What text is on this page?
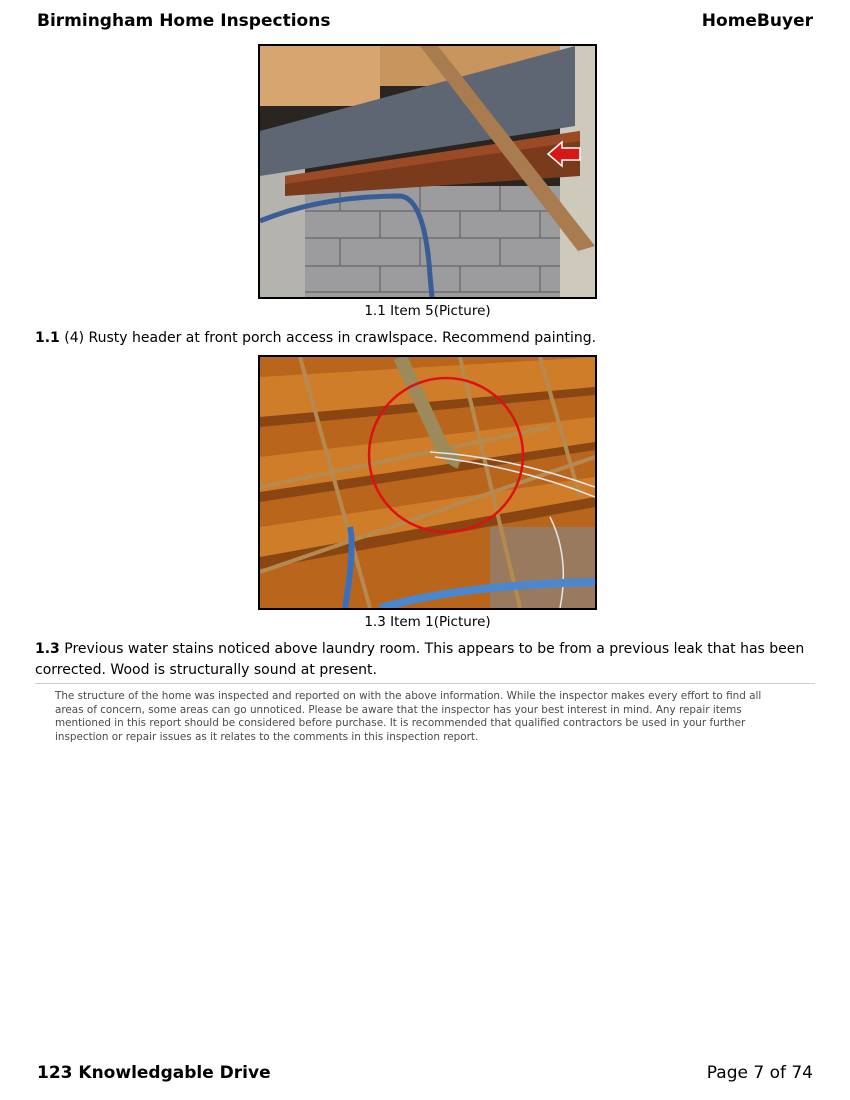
Birmingham Home Inspections	HomeBuyer
1.1 Item 5(Picture)
1.1 (4) Rusty header at front porch access in crawlspace. Recommend painting.
1.3 Item 1(Picture)
1.3 Previous water stains noticed above laundry room. This appears to be from a previous leak that has been corrected. Wood is structurally sound at present.
The structure of the home was inspected and reported on with the above information. While the inspector makes every effort to find all areas of concern, some areas can go unnoticed. Please be aware that the inspector has your best interest in mind. Any repair items mentioned in this report should be considered before purchase. It is recommended that qualified contractors be used in your further inspection or repair issues as it relates to the comments in this inspection report.
123 Knowledgable Drive	Page 7 of 74
